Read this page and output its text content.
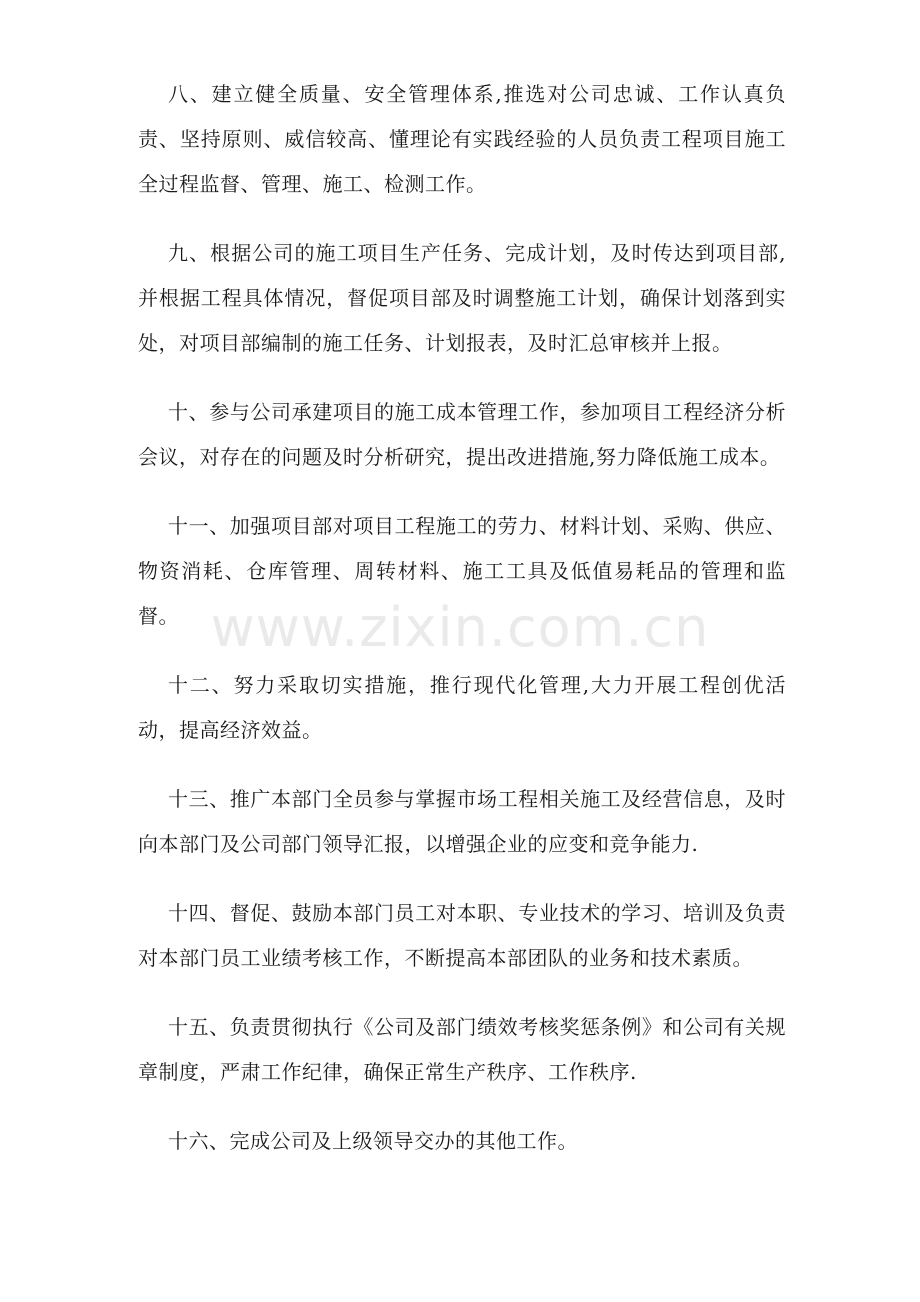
八、建立健全质量、安全管理体系,推选对公司忠诚、工作认真负责、坚持原则、威信较高、懂理论有实践经验的人员负责工程项目施工全过程监督、管理、施工、检测工作。

九、根据公司的施工项目生产任务、完成计划，及时传达到项目部,并根据工程具体情况，督促项目部及时调整施工计划，确保计划落到实处，对项目部编制的施工任务、计划报表，及时汇总审核并上报。

十、参与公司承建项目的施工成本管理工作，参加项目工程经济分析会议，对存在的问题及时分析研究，提出改进措施,努力降低施工成本。

十一、加强项目部对项目工程施工的劳力、材料计划、采购、供应、物资消耗、仓库管理、周转材料、施工工具及低值易耗品的管理和监督。

十二、努力采取切实措施，推行现代化管理,大力开展工程创优活动，提高经济效益。

十三、推广本部门全员参与掌握市场工程相关施工及经营信息，及时向本部门及公司部门领导汇报，以增强企业的应变和竞争能力.

十四、督促、鼓励本部门员工对本职、专业技术的学习、培训及负责对本部门员工业绩考核工作，不断提高本部团队的业务和技术素质。

十五、负责贯彻执行《公司及部门绩效考核奖惩条例》和公司有关规章制度，严肃工作纪律，确保正常生产秩序、工作秩序.

十六、完成公司及上级领导交办的其他工作。

www.zixin.com.cn
